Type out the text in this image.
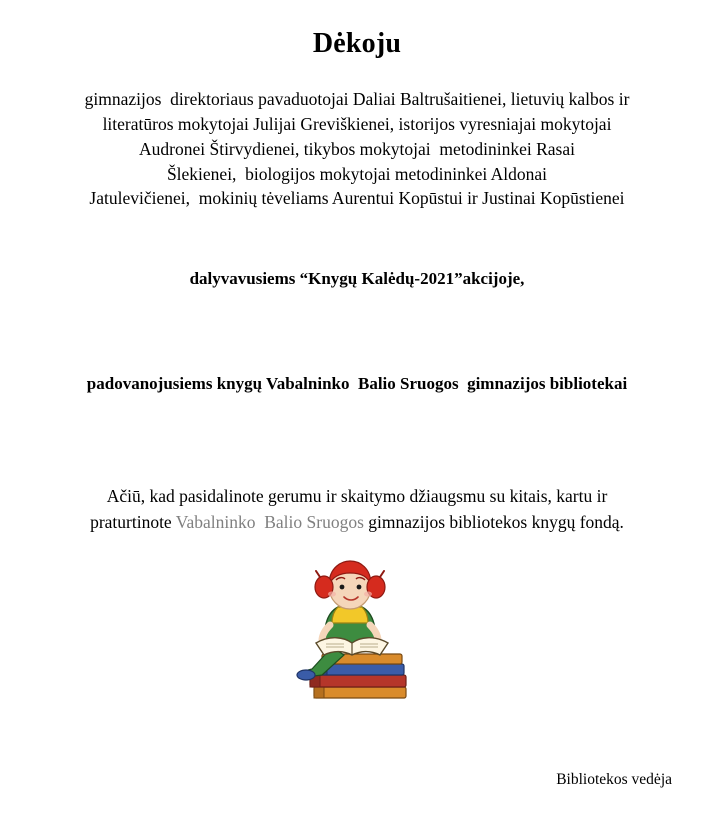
Dėkoju
gimnazijos  direktoriaus pavaduotojai Daliai Baltrušaitienei, lietuvių kalbos ir
literatūros mokytojai Julijai Greviškienei, istorijos vyresniajai mokytojai
Audronei Štirvydienei, tikybos mokytojai  metodininkei Rasai
Šlekienei,  biologijos mokytojai metodininkei Aldonai
Jatulevičienei,  mokinių tėveliams Aurentui Kopūstui ir Justinai Kopūstienei
dalyvavusiems “Knygų Kalėdų-2021”akcijoje,
padovanojusiems knygų Vabalninko  Balio Sruogos  gimnazijos bibliotekai
Ačiū, kad pasidalinote gerumu ir skaitymo džiaugsmu su kitais, kartu ir
praturtinote Vabalninko  Balio Sruogos gimnazijos bibliotekos knygų fondą.
Bibliotekos vedėja
